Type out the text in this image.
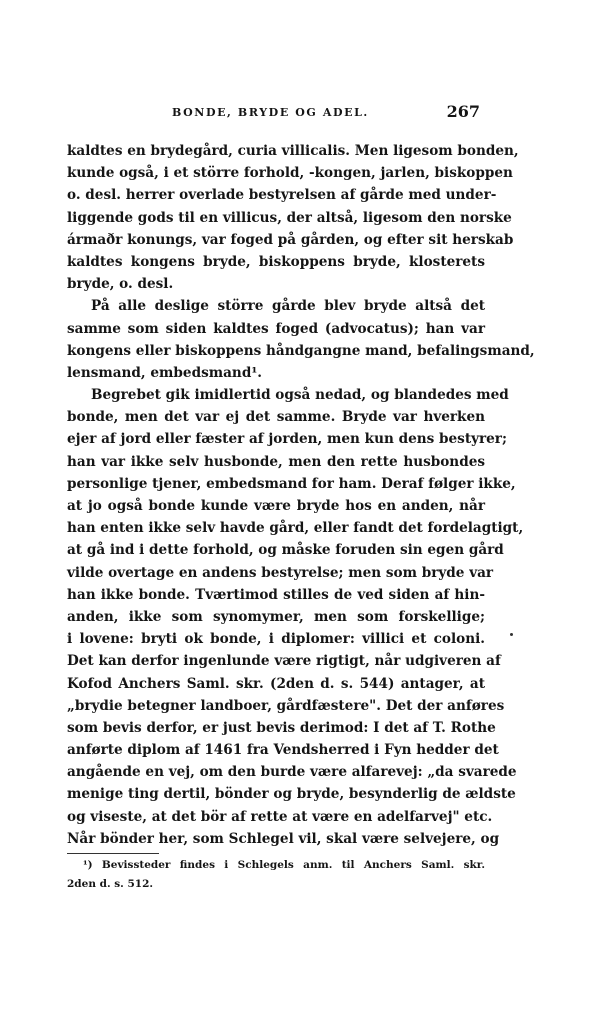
BONDE, BRYDE OG ADEL.	267
kaldtes en brydegård, curia villicalis. Men ligesom bonden,
kunde også, i et större forhold, ‑kongen, jarlen, biskoppen
o. desl. herrer overlade bestyrelsen af gårde med under-
liggende gods til en villicus, der altså, ligesom den norske
ármaðr konungs, var foged på gården, og efter sit herskab
kaldtes kongens bryde, biskoppens bryde, klosterets
bryde, o. desl.
På alle deslige större gårde blev bryde altså det
samme som siden kaldtes foged (advocatus); han var
kongens eller biskoppens håndgangne mand, befalingsmand,
lensmand, embedsmand¹.
Begrebet gik imidlertid også nedad, og blandedes med
bonde, men det var ej det samme. Bryde var hverken
ejer af jord eller fæster af jorden, men kun dens bestyrer;
han var ikke selv husbonde, men den rette husbondes
personlige tjener, embedsmand for ham. Deraf følger ikke,
at jo også bonde kunde være bryde hos en anden, når
han enten ikke selv havde gård, eller fandt det fordelagtigt,
at gå ind i dette forhold, og måske foruden sin egen gård
vilde overtage en andens bestyrelse; men som bryde var
han ikke bonde. Tværtimod stilles de ved siden af hin-
anden, ikke som synomymer, men som forskellige;
i lovene: bryti ok bonde, i diplomer: villici et coloni.
Det kan derfor ingenlunde være rigtigt, når udgiveren af
Kofod Anchers Saml. skr. (2den d. s. 544) antager, at
„brydie betegner landboer, gårdfæstere". Det der anføres
som bevis derfor, er just bevis derimod: I det af T. Rothe
anførte diplom af 1461 fra Vendsherred i Fyn hedder det
angående en vej, om den burde være alfarevej: „da svarede
menige ting dertil, bönder og bryde, besynderlig de ældste
og viseste, at det bör af rette at være en adelfarvej" etc.
Når bönder her, som Schlegel vil, skal være selvejere, og
¹) Bevissteder findes i Schlegels anm. til Anchers Saml. skr.
2den d. s. 512.
